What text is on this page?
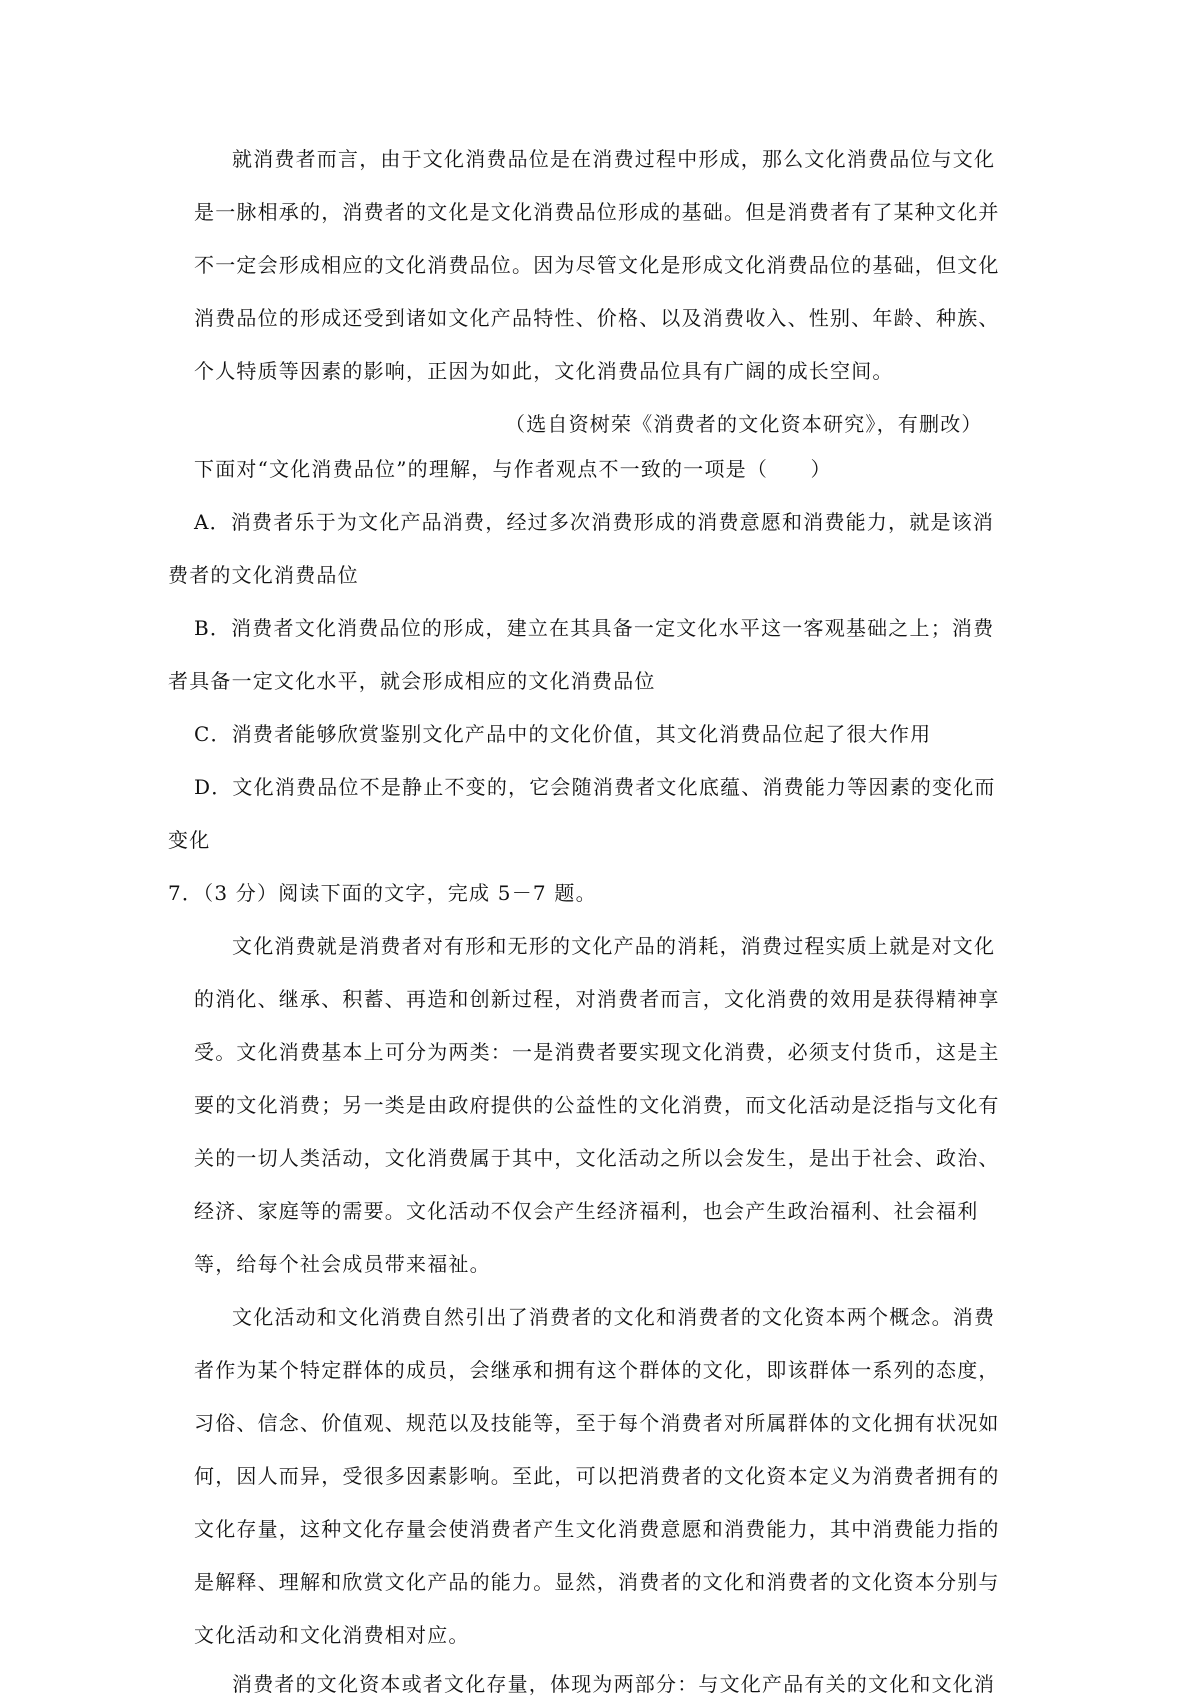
就消费者而言，由于文化消费品位是在消费过程中形成，那么文化消费品位与文化
是一脉相承的，消费者的文化是文化消费品位形成的基础。但是消费者有了某种文化并
不一定会形成相应的文化消费品位。因为尽管文化是形成文化消费品位的基础，但文化
消费品位的形成还受到诸如文化产品特性、价格、以及消费收入、性别、年龄、种族、
个人特质等因素的影响，正因为如此，文化消费品位具有广阔的成长空间。
（选自资树荣《消费者的文化资本研究》，有删改）
下面对“文化消费品位”的理解，与作者观点不一致的一项是（　　）
A．消费者乐于为文化产品消费，经过多次消费形成的消费意愿和消费能力，就是该消
费者的文化消费品位
B．消费者文化消费品位的形成，建立在其具备一定文化水平这一客观基础之上；消费
者具备一定文化水平，就会形成相应的文化消费品位
C．消费者能够欣赏鉴别文化产品中的文化价值，其文化消费品位起了很大作用
D．文化消费品位不是静止不变的，它会随消费者文化底蕴、消费能力等因素的变化而
变化
7．（3 分）阅读下面的文字，完成 5－7 题。
文化消费就是消费者对有形和无形的文化产品的消耗，消费过程实质上就是对文化
的消化、继承、积蓄、再造和创新过程，对消费者而言，文化消费的效用是获得精神享
受。文化消费基本上可分为两类：一是消费者要实现文化消费，必须支付货币，这是主
要的文化消费；另一类是由政府提供的公益性的文化消费，而文化活动是泛指与文化有
关的一切人类活动，文化消费属于其中，文化活动之所以会发生，是出于社会、政治、
经济、家庭等的需要。文化活动不仅会产生经济福利，也会产生政治福利、社会福利
等，给每个社会成员带来福祉。
文化活动和文化消费自然引出了消费者的文化和消费者的文化资本两个概念。消费
者作为某个特定群体的成员，会继承和拥有这个群体的文化，即该群体一系列的态度，
习俗、信念、价值观、规范以及技能等，至于每个消费者对所属群体的文化拥有状况如
何，因人而异，受很多因素影响。至此，可以把消费者的文化资本定义为消费者拥有的
文化存量，这种文化存量会使消费者产生文化消费意愿和消费能力，其中消费能力指的
是解释、理解和欣赏文化产品的能力。显然，消费者的文化和消费者的文化资本分别与
文化活动和文化消费相对应。
消费者的文化资本或者文化存量，体现为两部分：与文化产品有关的文化和文化消
